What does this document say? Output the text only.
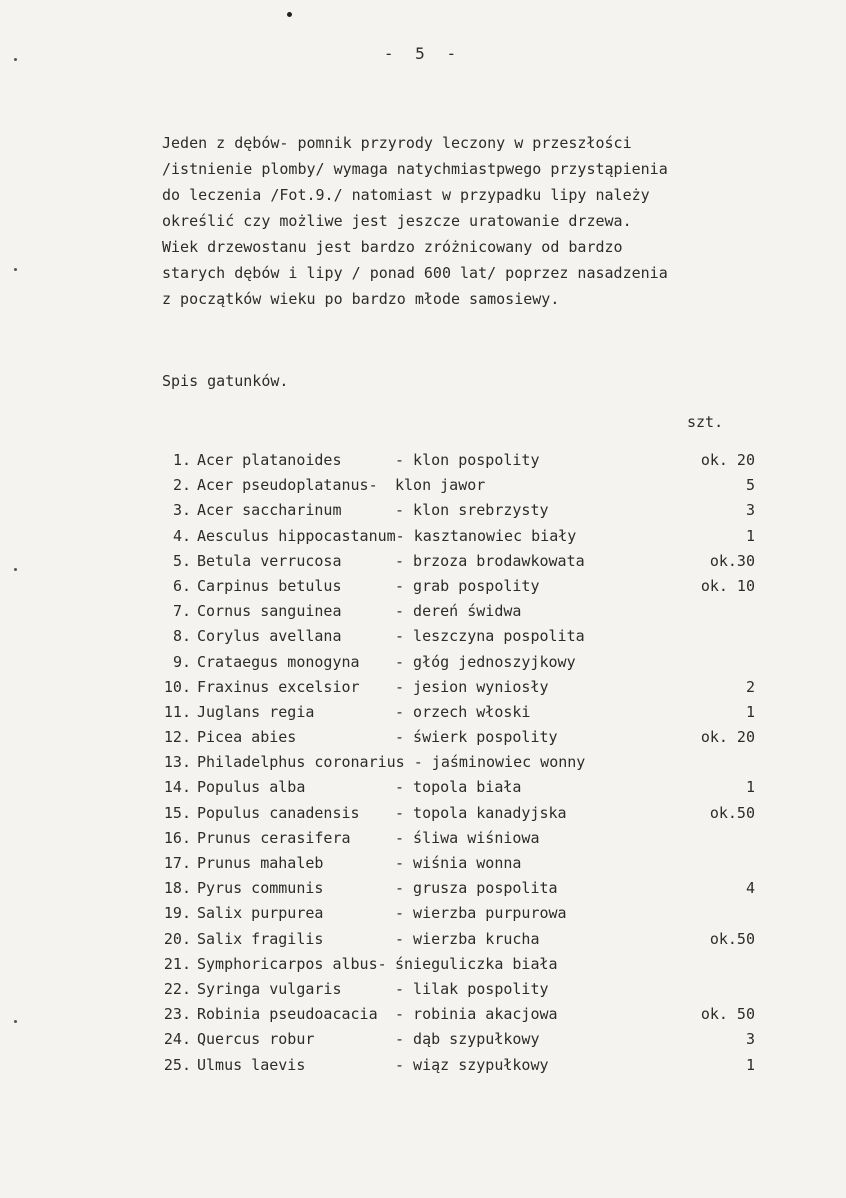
- 5 -
Jeden z dębów- pomnik przyrody leczony w przeszłości
/istnienie plomby/ wymaga natychmiastpwego przystąpienia
do leczenia /Fot.9./ natomiast w przypadku lipy należy
określić czy możliwe jest jeszcze uratowanie drzewa.
Wiek drzewostanu jest bardzo zróżnicowany od bardzo
starych dębów i lipy / ponad 600 lat/ poprzez nasadzenia
z początków wieku po bardzo młode samosiewy.
Spis gatunków.
szt.
1. Acer platanoides	- klon pospolity	ok. 20
2. Acer pseudoplatanus- klon jawor	5
3. Acer saccharinum	- klon srebrzysty	3
4. Aesculus hippocastanum- kasztanowiec biały	1
5. Betula verrucosa	- brzoza brodawkowata	ok.30
6. Carpinus betulus	- grab pospolity	ok. 10
7. Cornus sanguinea	- dereń świdwa
8. Corylus avellana	- leszczyna pospolita
9. Crataegus monogyna - głóg jednoszyjkowy
10. Fraxinus excelsior - jesion wyniosły	2
11. Juglans regia	- orzech włoski	1
12. Picea abies	- świerk pospolity	ok. 20
13. Philadelphus coronarius - jaśminowiec wonny
14. Populus alba	- topola biała	1
15. Populus canadensis - topola kanadyjska	ok.50
16. Prunus cerasifera	- śliwa wiśniowa
17. Prunus mahaleb	- wiśnia wonna
18. Pyrus communis	- grusza pospolita	4
19. Salix purpurea	- wierzba purpurowa
20. Salix fragilis	- wierzba krucha	ok.50
21. Symphoricarpos albus- śnieguliczka biała
22. Syringa vulgaris	- lilak pospolity
23. Robinia pseudoacacia - robinia akacjowa	ok. 50
24. Quercus robur	- dąb szypułkowy	3
25. Ulmus laevis	- wiąz szypułkowy	1
